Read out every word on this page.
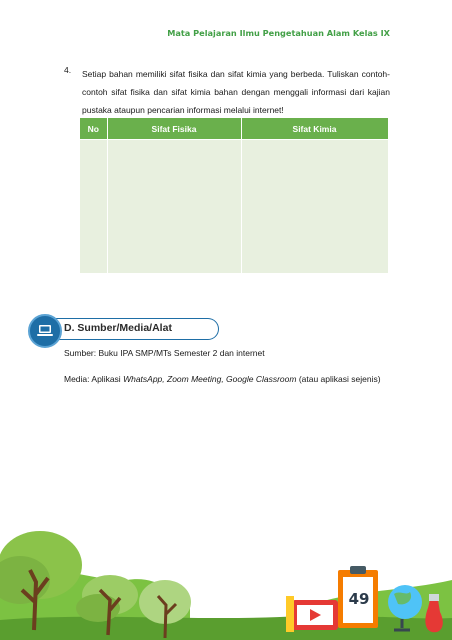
Mata Pelajaran Ilmu Pengetahuan Alam Kelas IX
4. Setiap bahan memiliki sifat fisika dan sifat kimia yang berbeda. Tuliskan contoh-contoh sifat fisika dan sifat kimia bahan dengan menggali informasi dari kajian pustaka ataupun pencarian informasi melalui internet!

No	Sifat Fisika	Sifat Kimia

D. Sumber/Media/Alat

Sumber: Buku IPA SMP/MTs Semester 2 dan internet

Media: Aplikasi WhatsApp, Zoom Meeting, Google Classroom (atau aplikasi sejenis)

49
